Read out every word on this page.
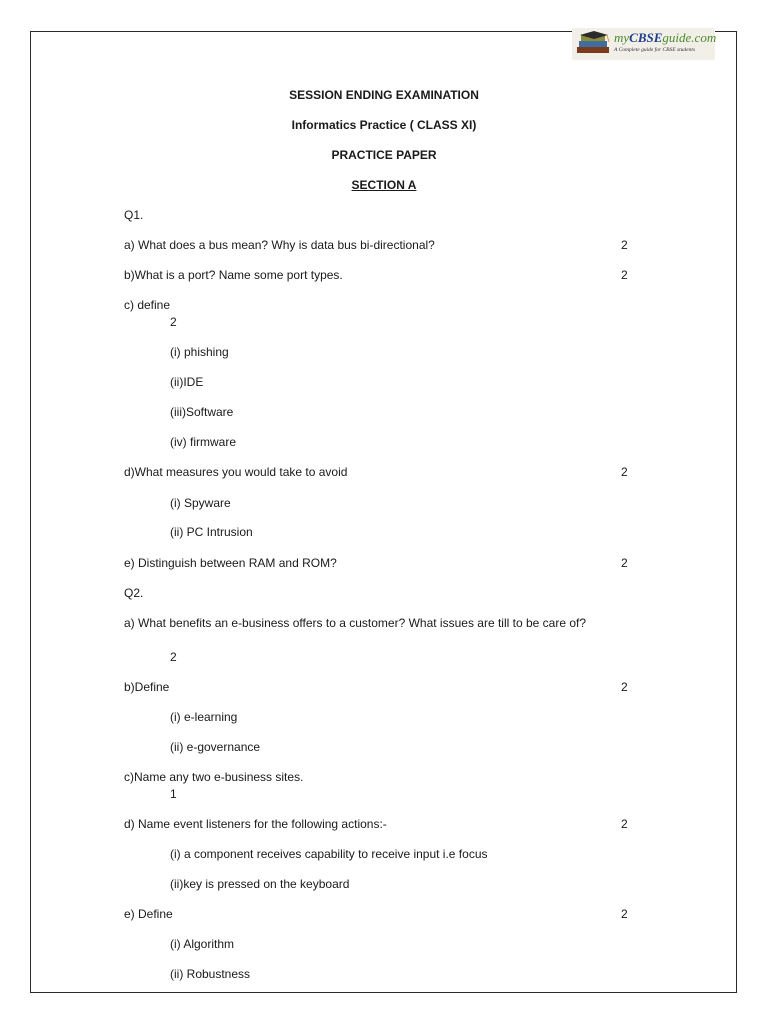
myCBSEguide.com
A Complete guide for CBSE students
SESSION ENDING EXAMINATION
Informatics Practice ( CLASS XI)
PRACTICE PAPER
SECTION A
Q1.
a) What does a bus mean? Why is data bus bi-directional?	2
b)What is a port? Name some port types.	2
c) define
2
(i) phishing
(ii)IDE
(iii)Software
(iv) firmware
d)What measures you would take to avoid	2
(i) Spyware
(ii) PC Intrusion
e) Distinguish between RAM and ROM?	2
Q2.
a) What benefits an e-business offers to a customer? What issues are till to be care of?
2
b)Define	2
(i) e-learning
(ii) e-governance
c)Name any two e-business sites.
1
d) Name event listeners for the following actions:-	2
(i) a component receives capability to receive input i.e focus
(ii)key is pressed on the keyboard
e) Define	2
(i) Algorithm
(ii) Robustness
